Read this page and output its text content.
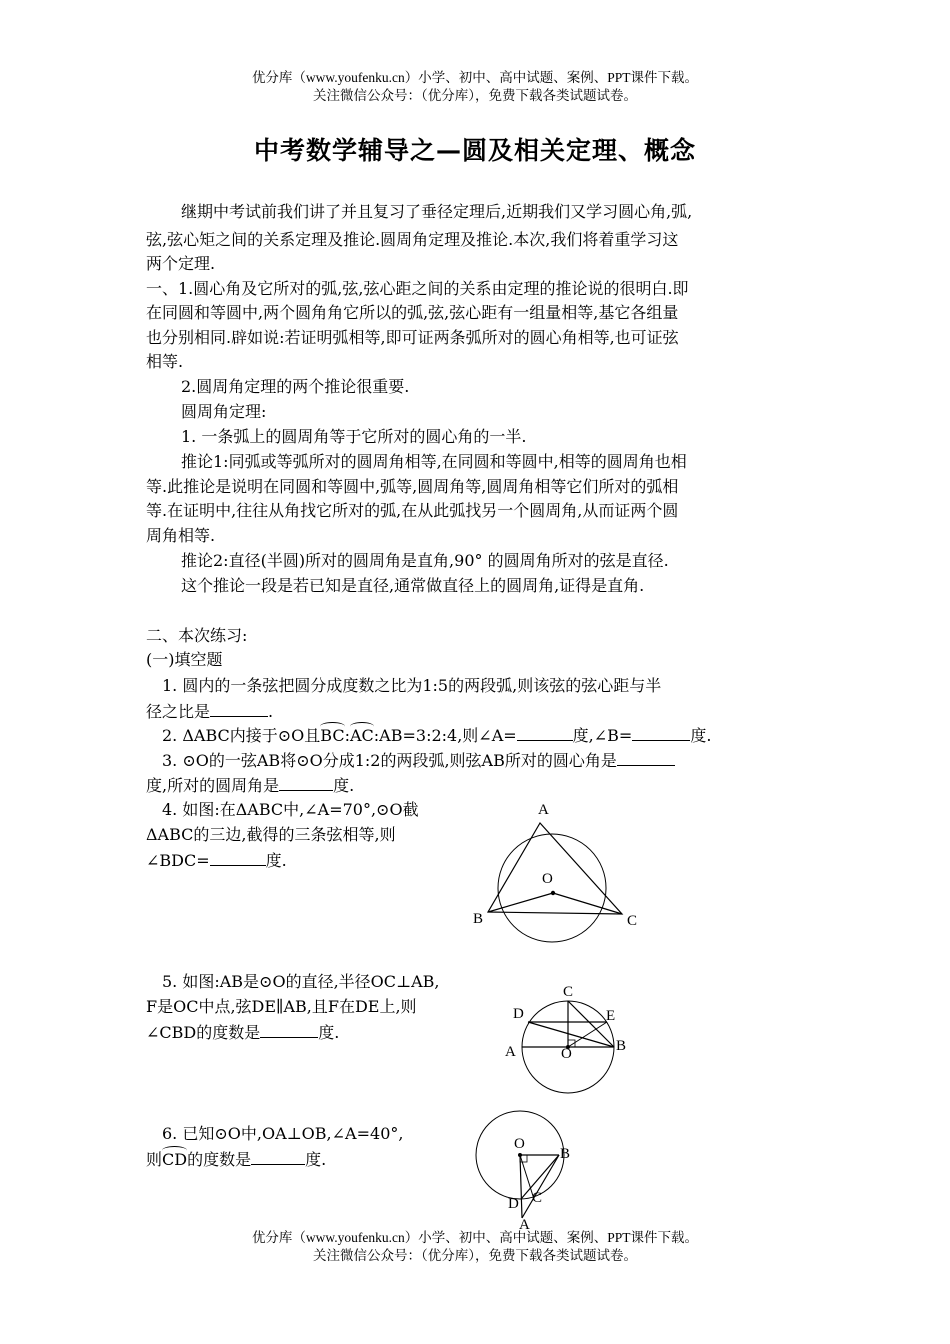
优分库（www.youfenku.cn）小学、初中、高中试题、案例、PPT课件下载。
关注微信公众号：（优分库），免费下载各类试题试卷。
中考数学辅导之—圆及相关定理、概念
继期中考试前我们讲了并且复习了垂径定理后,近期我们又学习圆心角,弧,
弦,弦心矩之间的关系定理及推论.圆周角定理及推论.本次,我们将着重学习这
两个定理.
一、1.圆心角及它所对的弧,弦,弦心距之间的关系由定理的推论说的很明白.即
在同圆和等圆中,两个圆角角它所以的弧,弦,弦心距有一组量相等,基它各组量
也分别相同.辟如说:若证明弧相等,即可证两条弧所对的圆心角相等,也可证弦
相等.
2.圆周角定理的两个推论很重要.
圆周角定理:
1. 一条弧上的圆周角等于它所对的圆心角的一半.
推论1:同弧或等弧所对的圆周角相等,在同圆和等圆中,相等的圆周角也相
等.此推论是说明在同圆和等圆中,弧等,圆周角等,圆周角相等它们所对的弧相
等.在证明中,往往从角找它所对的弧,在从此弧找另一个圆周角,从而证两个圆
周角相等.
推论2:直径(半圆)所对的圆周角是直角,90° 的圆周角所对的弦是直径.
这个推论一段是若已知是直径,通常做直径上的圆周角,证得是直角.
二、本次练习:
(一)填空题
1. 圆内的一条弦把圆分成度数之比为1:5的两段弧,则该弦的弦心距与半
径之比是	.
2. ΔABC内接于⊙O且BC:AC:AB=3:2:4,则∠A=	度,∠B=	度.
3. ⊙O的一弦AB将⊙O分成1:2的两段弧,则弦AB所对的圆心角是
度,所对的圆周角是	度.
4. 如图:在ΔABC中,∠A=70°,⊙O截
ΔABC的三边,截得的三条弦相等,则
∠BDC=	度.
5. 如图:AB是⊙O的直径,半径OC⊥AB,
F是OC中点,弦DE∥AB,且F在DE上,则
∠CBD的度数是	度.
6. 已知⊙O中,OA⊥OB,∠A=40°,
则CD的度数是	度.
A
O
B	C
C
D	E
A	O	B
O
B
D C
A
优分库（www.youfenku.cn）小学、初中、高中试题、案例、PPT课件下载。
关注微信公众号：（优分库），免费下载各类试题试卷。
